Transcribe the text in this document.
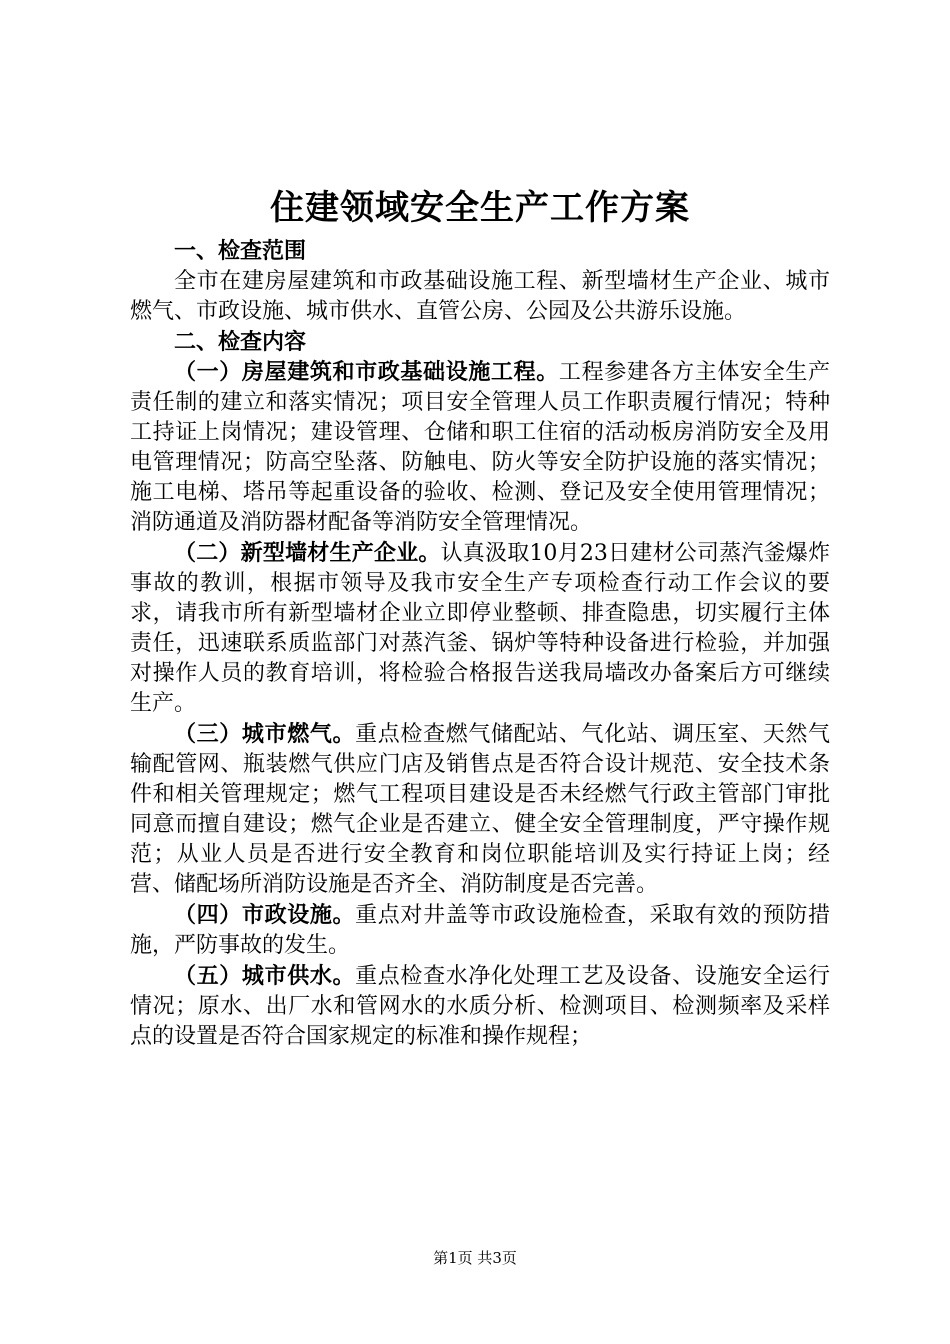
住建领域安全生产工作方案

一、检查范围

全市在建房屋建筑和市政基础设施工程、新型墙材生产企业、城市燃气、市政设施、城市供水、直管公房、公园及公共游乐设施。

二、检查内容

（一）房屋建筑和市政基础设施工程。工程参建各方主体安全生产责任制的建立和落实情况；项目安全管理人员工作职责履行情况；特种工持证上岗情况；建设管理、仓储和职工住宿的活动板房消防安全及用电管理情况；防高空坠落、防触电、防火等安全防护设施的落实情况；施工电梯、塔吊等起重设备的验收、检测、登记及安全使用管理情况；消防通道及消防器材配备等消防安全管理情况。

（二）新型墙材生产企业。认真汲取10月23日建材公司蒸汽釜爆炸事故的教训，根据市领导及我市安全生产专项检查行动工作会议的要求，请我市所有新型墙材企业立即停业整顿、排查隐患，切实履行主体责任，迅速联系质监部门对蒸汽釜、锅炉等特种设备进行检验，并加强对操作人员的教育培训，将检验合格报告送我局墙改办备案后方可继续生产。

（三）城市燃气。重点检查燃气储配站、气化站、调压室、天然气输配管网、瓶装燃气供应门店及销售点是否符合设计规范、安全技术条件和相关管理规定；燃气工程项目建设是否未经燃气行政主管部门审批同意而擅自建设；燃气企业是否建立、健全安全管理制度，严守操作规范；从业人员是否进行安全教育和岗位职能培训及实行持证上岗；经营、储配场所消防设施是否齐全、消防制度是否完善。

（四）市政设施。重点对井盖等市政设施检查，采取有效的预防措施，严防事故的发生。

（五）城市供水。重点检查水净化处理工艺及设备、设施安全运行情况；原水、出厂水和管网水的水质分析、检测项目、检测频率及采样点的设置是否符合国家规定的标准和操作规程；

第1页 共3页
